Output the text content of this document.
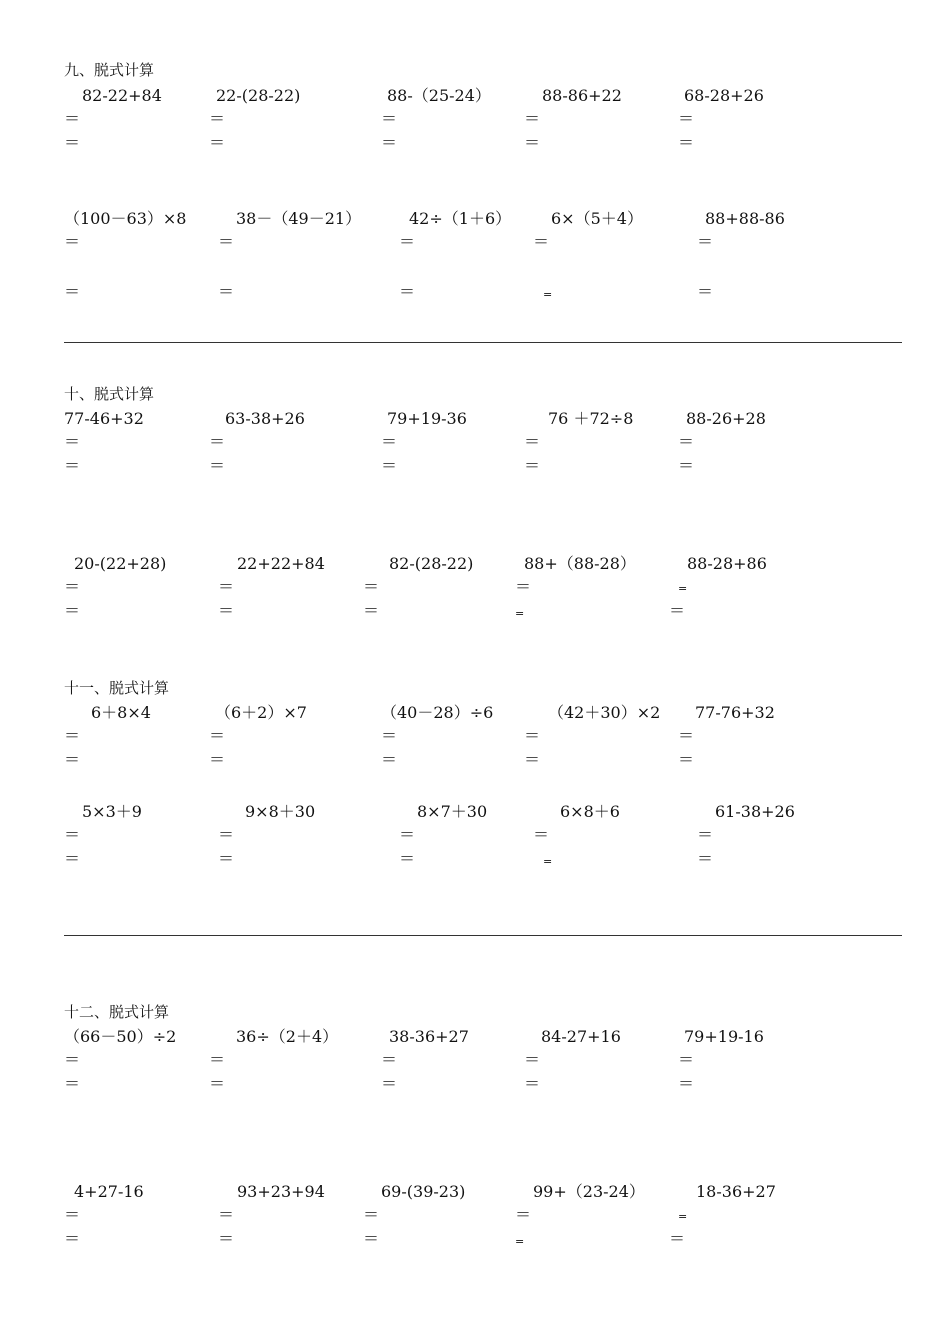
九、脱式计算
82-22+84
＝
＝
22-(28-22)
＝
＝
88-（25-24）
＝
＝
88-86+22
＝
＝
68-28+26
＝
＝
（100－63）×8
＝
＝
38－（49－21）
＝
＝
42÷（1＋6）
＝
＝
6×（5＋4）
＝
=
88+88-86
＝
＝
十、脱式计算
77-46+32
＝
＝
63-38+26
＝
＝
79+19-36
＝
＝
76 ＋72÷8
＝
＝
88-26+28
＝
＝
20-(22+28)
＝
＝
22+22+84
＝
＝
82-(28-22)
＝
＝
88+（88-28）
＝
=
88-28+86
=
＝
十一、脱式计算
6＋8×4
＝
＝
（6＋2）×7
＝
＝
（40－28）÷6
＝
＝
（42＋30）×2
＝
＝
77-76+32
＝
＝
5×3＋9
＝
＝
9×8＋30
＝
＝
8×7＋30
＝
＝
6×8＋6
＝
=
61-38+26
＝
＝
十二、脱式计算
（66－50）÷2
＝
＝
36÷（2＋4）
＝
＝
38-36+27
＝
＝
84-27+16
＝
＝
79+19-16
＝
＝
4+27-16
＝
＝
93+23+94
＝
＝
69-(39-23)
＝
＝
99+（23-24）
＝
=
18-36+27
=
＝
